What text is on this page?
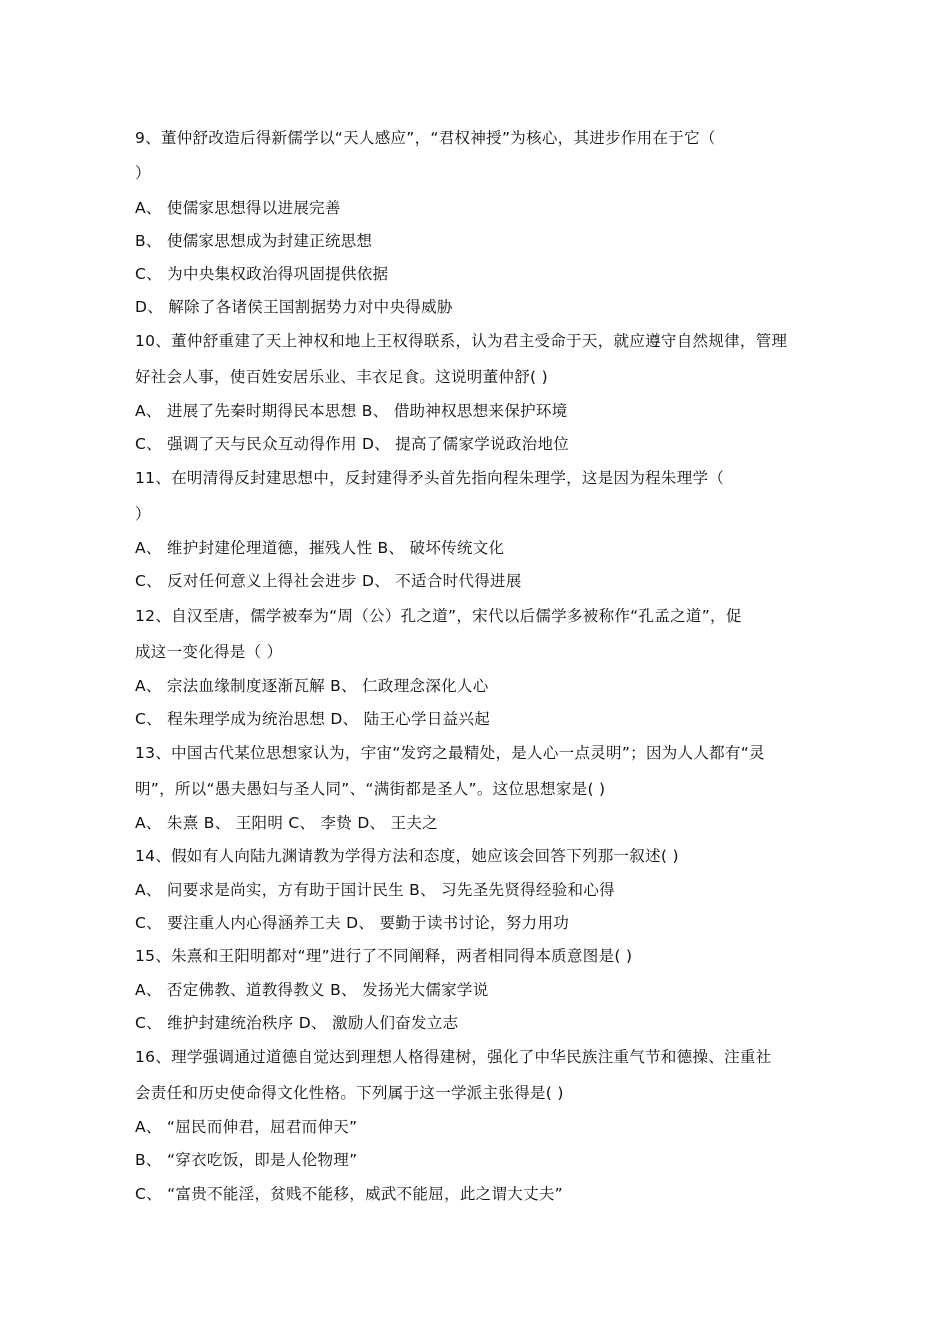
9、董仲舒改造后得新儒学以“天人感应”，“君权神授”为核心，其进步作用在于它（
）
A、 使儒家思想得以进展完善
B、 使儒家思想成为封建正统思想
C、 为中央集权政治得巩固提供依据
D、 解除了各诸侯王国割据势力对中央得威胁
10、董仲舒重建了天上神权和地上王权得联系，认为君主受命于天，就应遵守自然规律，管理
好社会人事，使百姓安居乐业、丰衣足食。这说明董仲舒( )
A、 进展了先秦时期得民本思想 B、 借助神权思想来保护环境
C、 强调了天与民众互动得作用 D、 提高了儒家学说政治地位
11、在明清得反封建思想中，反封建得矛头首先指向程朱理学，这是因为程朱理学（
）
A、 维护封建伦理道德，摧残人性 B、 破坏传统文化
C、 反对任何意义上得社会进步 D、 不适合时代得进展
12、自汉至唐，儒学被奉为“周（公）孔之道”，宋代以后儒学多被称作“孔孟之道”，促
成这一变化得是（ ）
A、 宗法血缘制度逐渐瓦解 B、 仁政理念深化人心
C、 程朱理学成为统治思想 D、 陆王心学日益兴起
13、中国古代某位思想家认为，宇宙“发窍之最精处，是人心一点灵明”；因为人人都有“灵
明”，所以“愚夫愚妇与圣人同”、“满街都是圣人”。这位思想家是( )
A、 朱熹 B、 王阳明 C、 李贽 D、 王夫之
14、假如有人向陆九渊请教为学得方法和态度，她应该会回答下列那一叙述( )
A、 问要求是尚实，方有助于国计民生 B、 习先圣先贤得经验和心得
C、 要注重人内心得涵养工夫 D、 要勤于读书讨论，努力用功
15、朱熹和王阳明都对“理”进行了不同阐释，两者相同得本质意图是( )
A、 否定佛教、道教得教义 B、 发扬光大儒家学说
C、 维护封建统治秩序 D、 激励人们奋发立志
16、理学强调通过道德自觉达到理想人格得建树，强化了中华民族注重气节和德操、注重社
会责任和历史使命得文化性格。下列属于这一学派主张得是( )
A、 “屈民而伸君，屈君而伸天”
B、 “穿衣吃饭，即是人伦物理”
C、 “富贵不能淫，贫贱不能移，威武不能屈，此之谓大丈夫”
